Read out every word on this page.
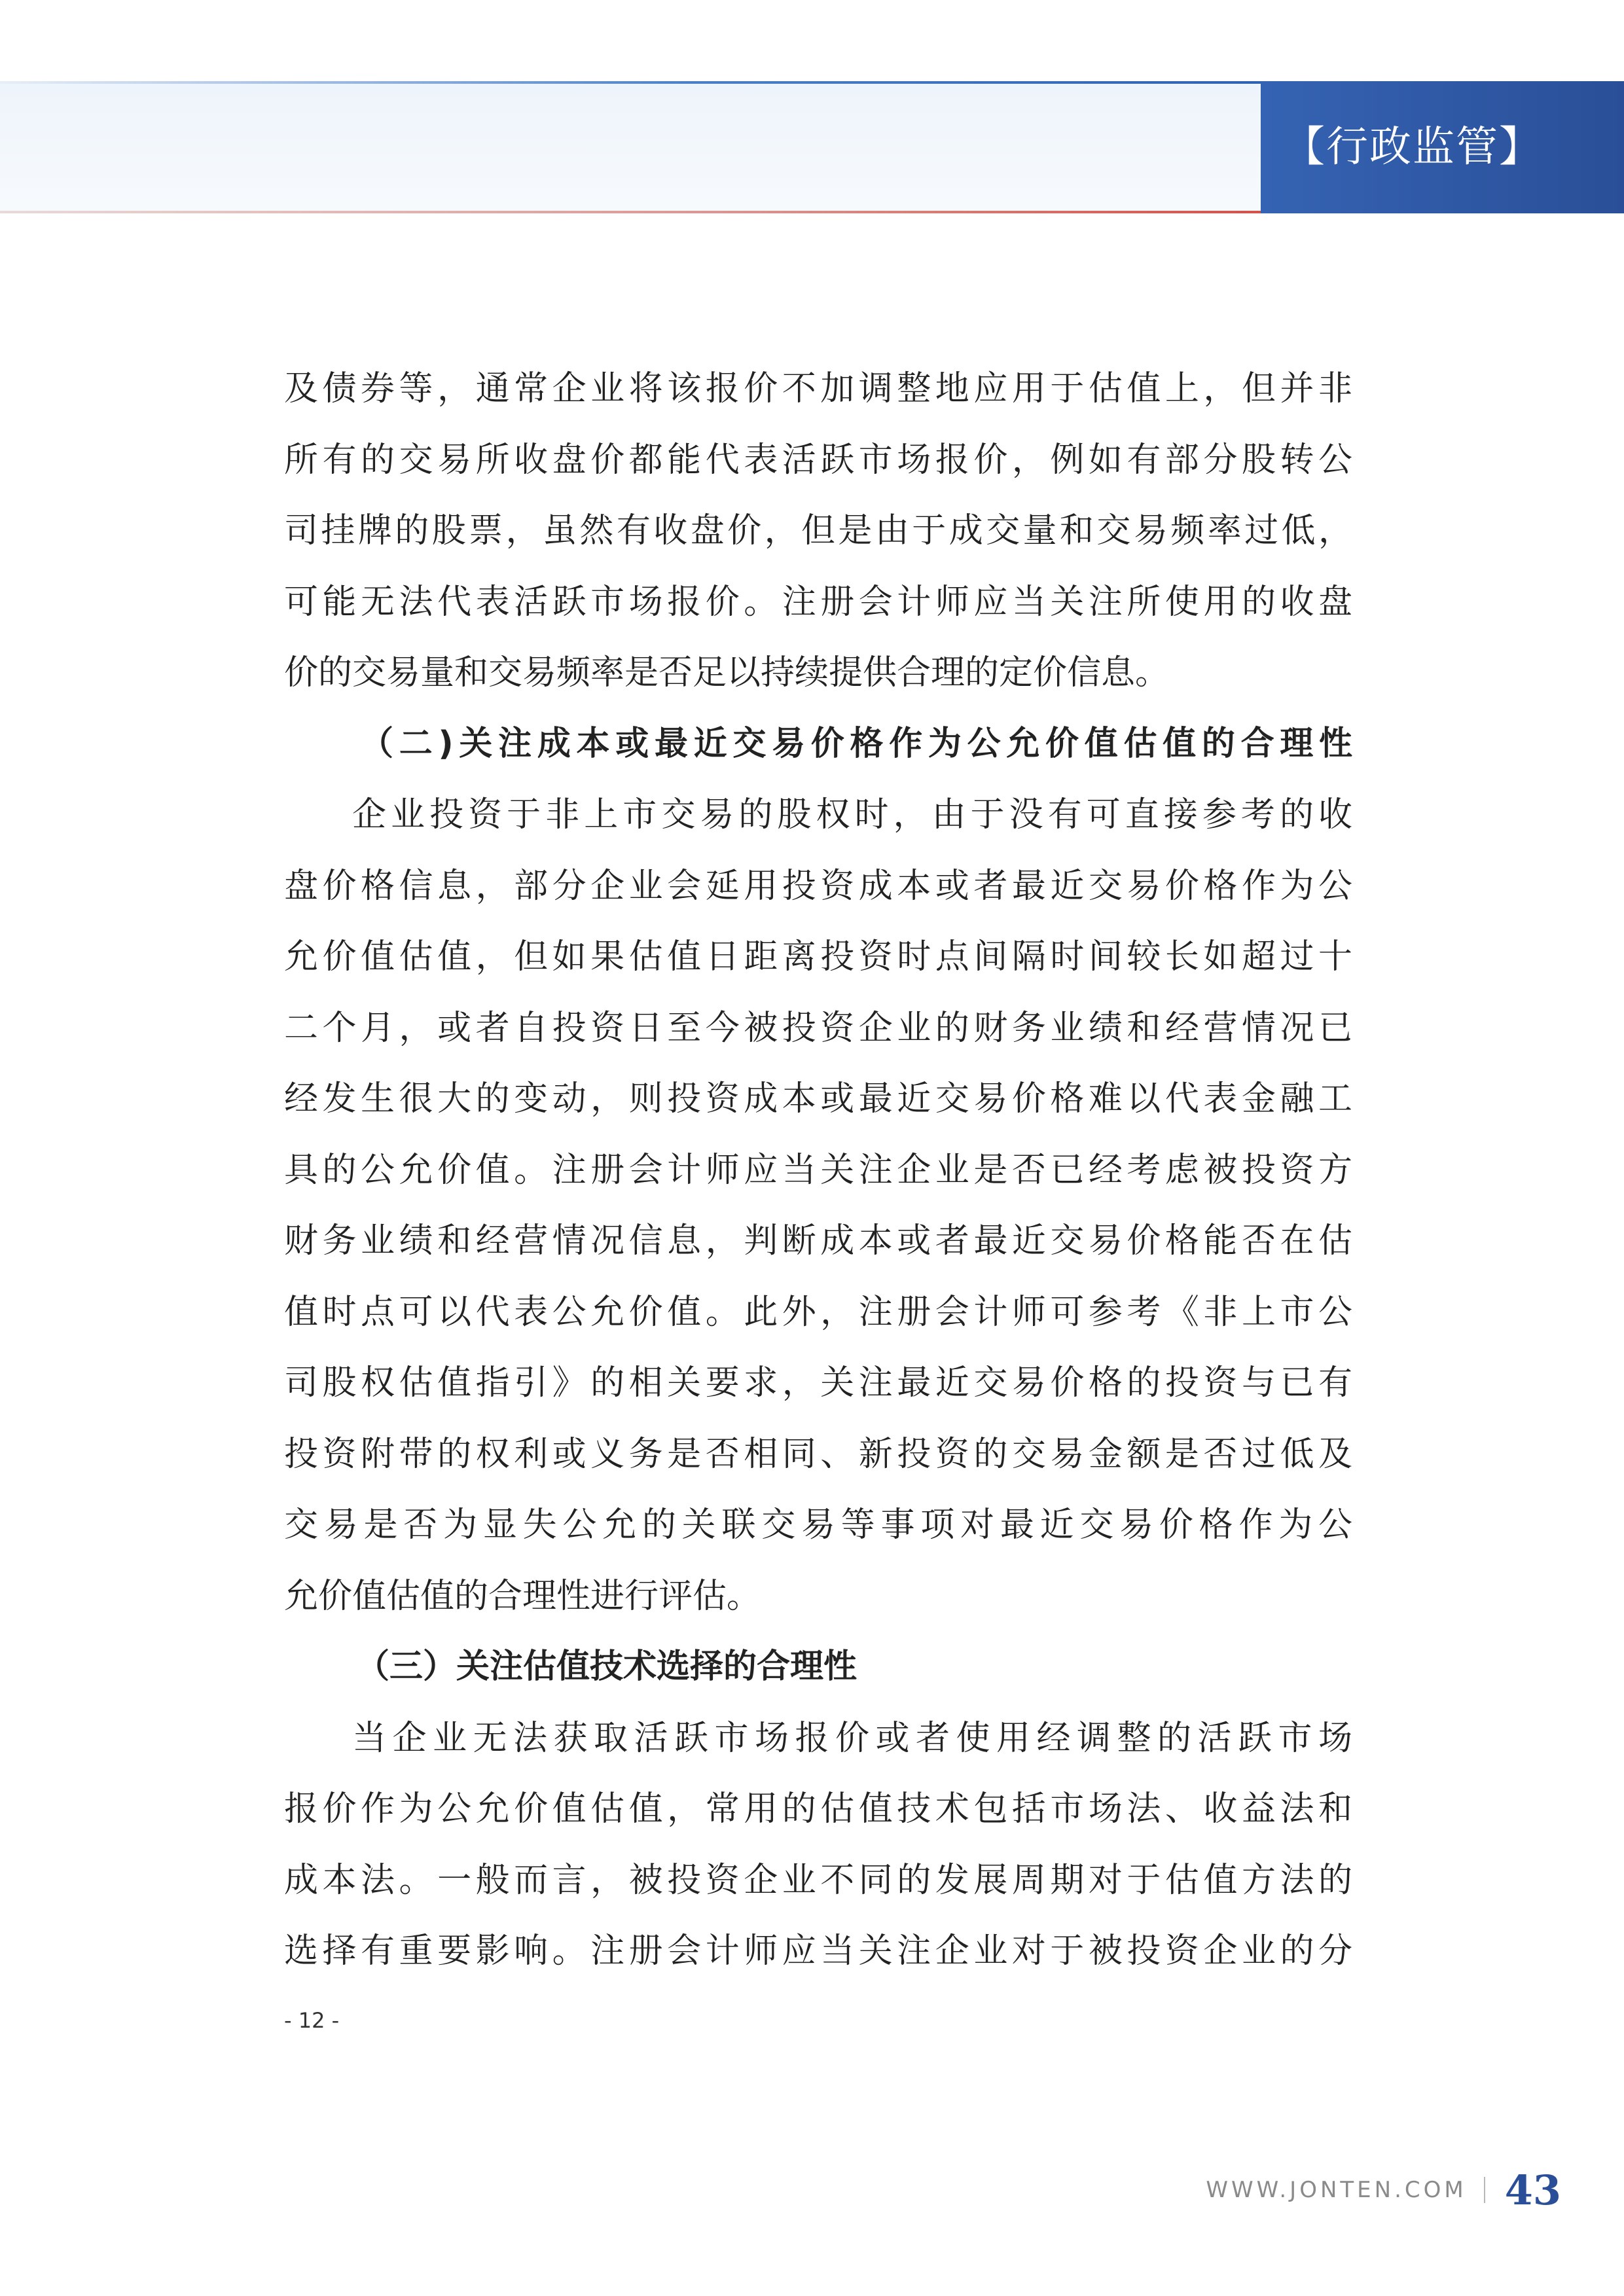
【行政监管】
及债券等，通常企业将该报价不加调整地应用于估值上，但并非
所有的交易所收盘价都能代表活跃市场报价，例如有部分股转公
司挂牌的股票，虽然有收盘价，但是由于成交量和交易频率过低，
可能无法代表活跃市场报价。注册会计师应当关注所使用的收盘
价的交易量和交易频率是否足以持续提供合理的定价信息。
（二)关注成本或最近交易价格作为公允价值估值的合理性
企业投资于非上市交易的股权时，由于没有可直接参考的收
盘价格信息，部分企业会延用投资成本或者最近交易价格作为公
允价值估值，但如果估值日距离投资时点间隔时间较长如超过十
二个月，或者自投资日至今被投资企业的财务业绩和经营情况已
经发生很大的变动，则投资成本或最近交易价格难以代表金融工
具的公允价值。注册会计师应当关注企业是否已经考虑被投资方
财务业绩和经营情况信息，判断成本或者最近交易价格能否在估
值时点可以代表公允价值。此外，注册会计师可参考《非上市公
司股权估值指引》的相关要求，关注最近交易价格的投资与已有
投资附带的权利或义务是否相同、新投资的交易金额是否过低及
交易是否为显失公允的关联交易等事项对最近交易价格作为公
允价值估值的合理性进行评估。
（三）关注估值技术选择的合理性
当企业无法获取活跃市场报价或者使用经调整的活跃市场
报价作为公允价值估值，常用的估值技术包括市场法、收益法和
成本法。一般而言，被投资企业不同的发展周期对于估值方法的
选择有重要影响。注册会计师应当关注企业对于被投资企业的分
- 12 -
WWW.JONTEN.COM 43
